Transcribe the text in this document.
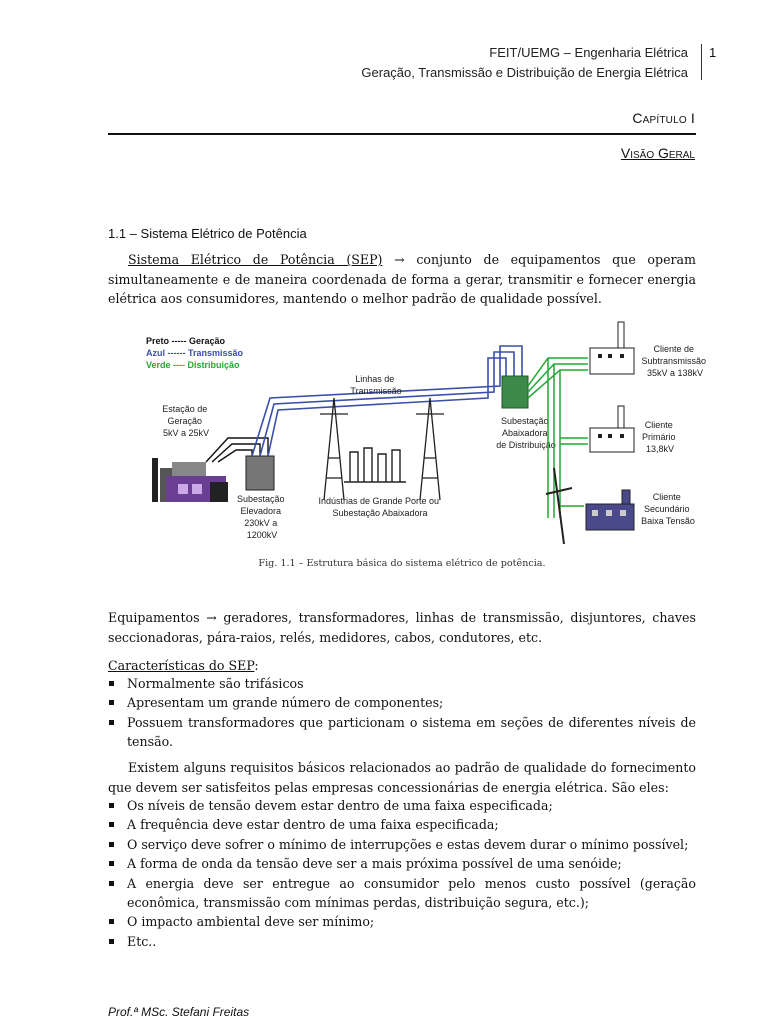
FEIT/UEMG – Engenharia Elétrica
Geração, Transmissão e Distribuição de Energia Elétrica
1
Capítulo I
Visão Geral
1.1 – Sistema Elétrico de Potência
Sistema Elétrico de Potência (SEP) → conjunto de equipamentos que operam simultaneamente e de maneira coordenada de forma a gerar, transmitir e fornecer energia elétrica aos consumidores, mantendo o melhor padrão de qualidade possível.
Preto ----- Geração
Azul ------ Transmissão
Verde ---- Distribuição
Estação de Geração 5kV a 25kV
Subestação Elevadora 230kV a 1200kV
Linhas de Transmissão
Indústrias de Grande Porte ou Subestação Abaixadora
Subestação Abaixadora de Distribuição
Cliente de Subtransmissão 35kV a 138kV
Cliente Primário 13,8kV
Cliente Secundário Baixa Tensão
Fig. 1.1 – Estrutura básica do sistema elétrico de potência.
Equipamentos → geradores, transformadores, linhas de transmissão, disjuntores, chaves seccionadoras, pára-raios, relés, medidores, cabos, condutores, etc.
Características do SEP:
Normalmente são trifásicos
Apresentam um grande número de componentes;
Possuem transformadores que particionam o sistema em seções de diferentes níveis de tensão.
Existem alguns requisitos básicos relacionados ao padrão de qualidade do fornecimento que devem ser satisfeitos pelas empresas concessionárias de energia elétrica. São eles:
Os níveis de tensão devem estar dentro de uma faixa especificada;
A frequência deve estar dentro de uma faixa especificada;
O serviço deve sofrer o mínimo de interrupções e estas devem durar o mínimo possível;
A forma de onda da tensão deve ser a mais próxima possível de uma senóide;
A energia deve ser entregue ao consumidor pelo menos custo possível (geração econômica, transmissão com mínimas perdas, distribuição segura, etc.);
O impacto ambiental deve ser mínimo;
Etc..
Prof.ª MSc. Stefani Freitas
